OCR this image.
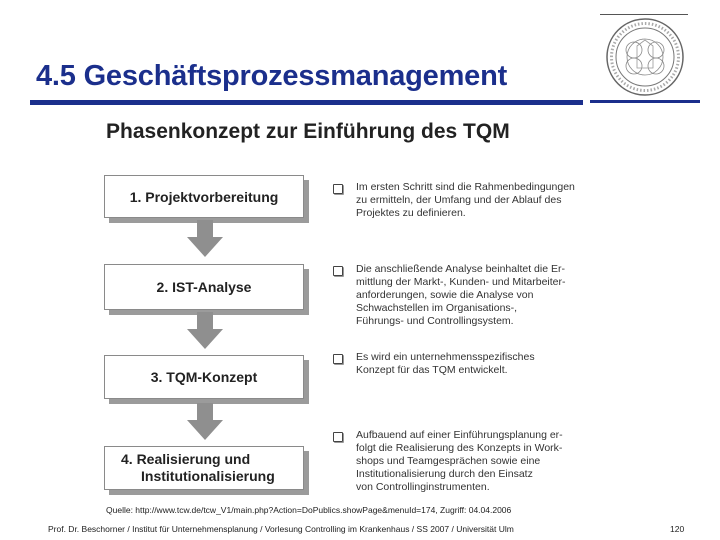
4.5 Geschäftsprozessmanagement
Phasenkonzept zur Einführung des TQM
1. Projektvorbereitung
2. IST-Analyse
3. TQM-Konzept
4. Realisierung und

Institutionalisierung
Im ersten Schritt sind die Rahmenbedingungen
zu ermitteln, der Umfang und der Ablauf des
Projektes zu definieren.
Die anschließende Analyse beinhaltet die Er-
mittlung der Markt-, Kunden- und Mitarbeiter-
anforderungen, sowie die Analyse von
Schwachstellen im Organisations-,
Führungs- und Controllingsystem.
Es wird ein unternehmensspezifisches
Konzept für das TQM entwickelt.
Aufbauend auf einer Einführungsplanung er-
folgt die Realisierung des Konzepts in Work-
shops und Teamgesprächen sowie eine
Institutionalisierung durch den Einsatz
von Controllinginstrumenten.
Quelle: http://www.tcw.de/tcw_V1/main.php?Action=DoPublics.showPage&menuId=174, Zugriff: 04.04.2006
Prof. Dr. Beschorner / Institut für Unternehmensplanung / Vorlesung Controlling im Krankenhaus / SS 2007 / Universität Ulm	120
